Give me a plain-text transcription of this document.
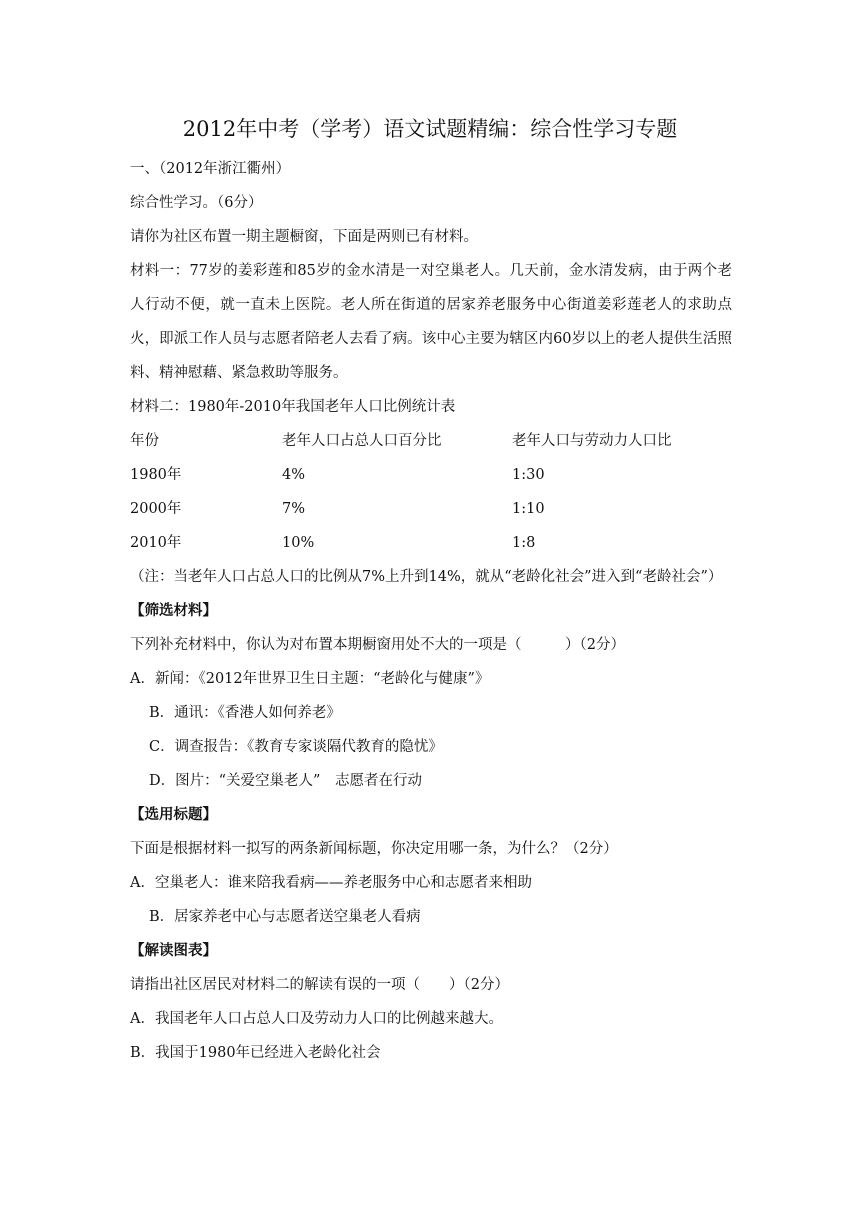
2012年中考（学考）语文试题精编：综合性学习专题
一、（2012年浙江衢州）
综合性学习。（6分）
请你为社区布置一期主题橱窗，下面是两则已有材料。
材料一：77岁的姜彩莲和85岁的金水清是一对空巢老人。几天前，金水清发病，由于两个老人行动不便，就一直未上医院。老人所在街道的居家养老服务中心街道姜彩莲老人的求助点火，即派工作人员与志愿者陪老人去看了病。该中心主要为辖区内60岁以上的老人提供生活照料、精神慰藉、紧急救助等服务。
材料二：1980年-2010年我国老年人口比例统计表
年份	老年人口占总人口百分比	老年人口与劳动力人口比
1980年	4%	1:30
2000年	7%	1:10
2010年	10%	1:8
（注：当老年人口占总人口的比例从7%上升到14%，就从“老龄化社会”进入到“老龄社会”）
【筛选材料】
下列补充材料中，你认为对布置本期橱窗用处不大的一项是（　　　）（2分）
A．新闻：《2012年世界卫生日主题：“老龄化与健康”》
B．通讯：《香港人如何养老》
C．调查报告：《教育专家谈隔代教育的隐忧》
D．图片：“关爱空巢老人”　志愿者在行动
【选用标题】
下面是根据材料一拟写的两条新闻标题，你决定用哪一条，为什么？（2分）
A．空巢老人：谁来陪我看病——养老服务中心和志愿者来相助
B．居家养老中心与志愿者送空巢老人看病
【解读图表】
请指出社区居民对材料二的解读有误的一项（　　）（2分）
A．我国老年人口占总人口及劳动力人口的比例越来越大。
B．我国于1980年已经进入老龄化社会
